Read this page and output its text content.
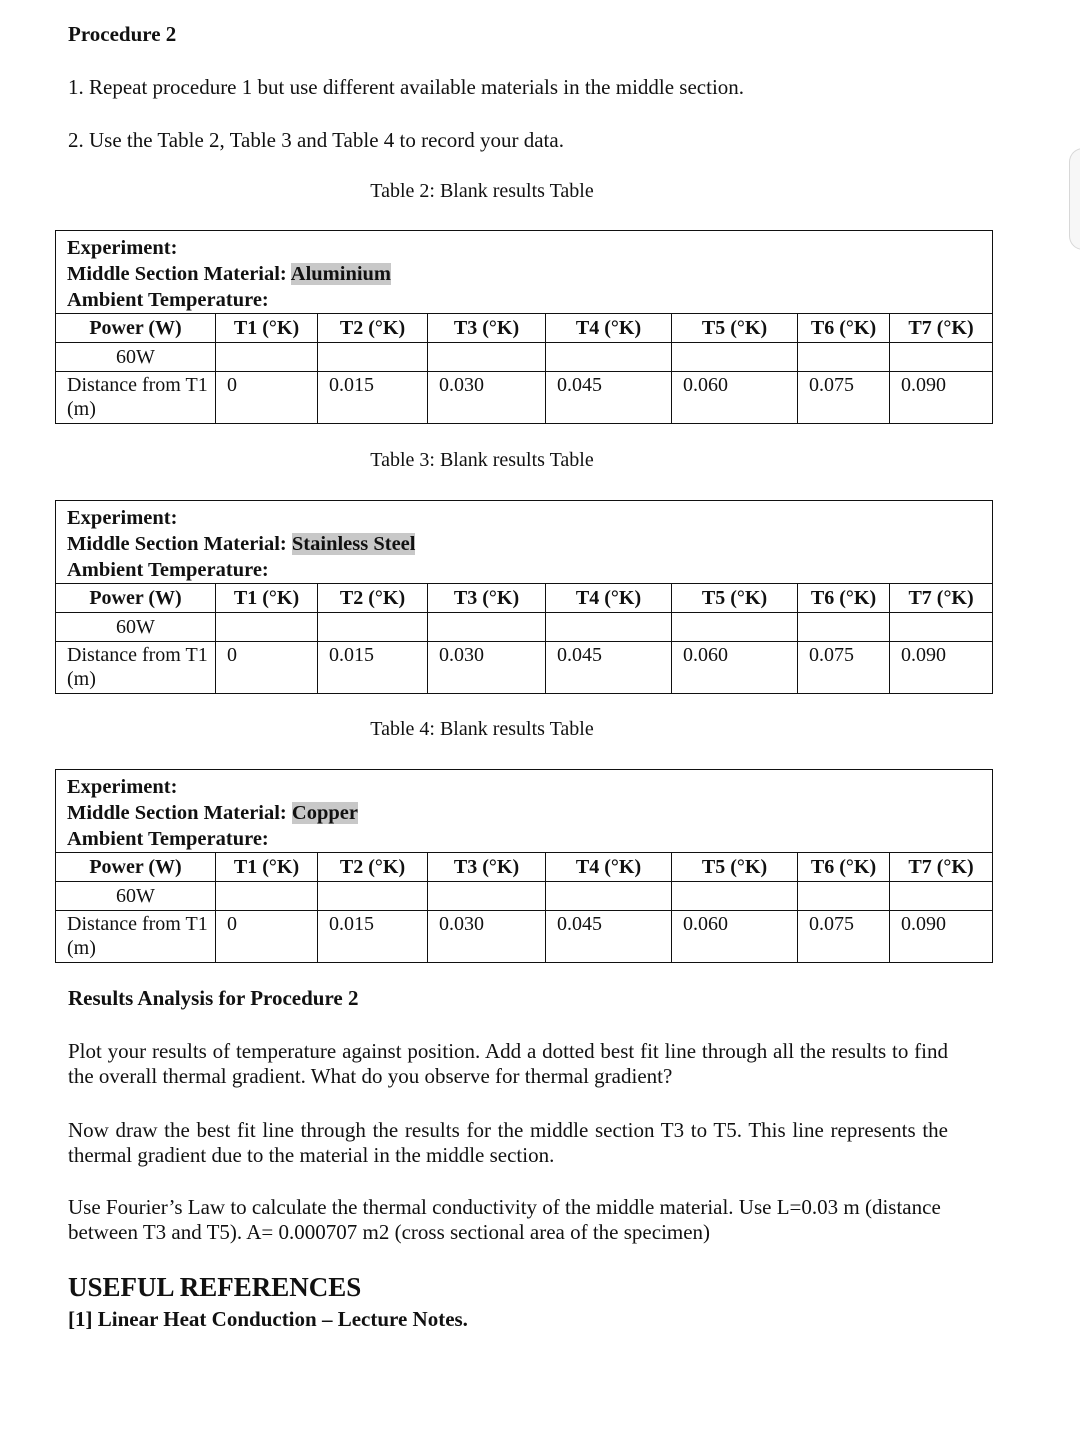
Procedure 2
1. Repeat procedure 1 but use different available materials in the middle section.
2. Use the Table 2, Table 3 and Table 4 to record your data.
Table 2: Blank results Table
Experiment:
Middle Section Material: Aluminium
Ambient Temperature:							

Power (W)	T1 (°K)	T2 (°K)	T3 (°K)	T4 (°K)	T5 (°K)	T6 (°K)	T7 (°K)
60W							
Distance from T1 (m)	0	0.015	0.030	0.045	0.060	0.075	0.090
Table 3: Blank results Table
Experiment:
Middle Section Material: Stainless Steel
Ambient Temperature:							

Power (W)	T1 (°K)	T2 (°K)	T3 (°K)	T4 (°K)	T5 (°K)	T6 (°K)	T7 (°K)
60W							
Distance from T1 (m)	0	0.015	0.030	0.045	0.060	0.075	0.090
Table 4: Blank results Table
Experiment:
Middle Section Material: Copper
Ambient Temperature:							

Power (W)	T1 (°K)	T2 (°K)	T3 (°K)	T4 (°K)	T5 (°K)	T6 (°K)	T7 (°K)
60W							
Distance from T1 (m)	0	0.015	0.030	0.045	0.060	0.075	0.090
Results Analysis for Procedure 2
Plot your results of temperature against position. Add a dotted best fit line through all the results to find the overall thermal gradient. What do you observe for thermal gradient?
Now draw the best fit line through the results for the middle section T3 to T5. This line represents the thermal gradient due to the material in the middle section.
Use Fourier’s Law to calculate the thermal conductivity of the middle material. Use L=0.03 m (distance between T3 and T5). A= 0.000707 m2 (cross sectional area of the specimen)
USEFUL REFERENCES
[1] Linear Heat Conduction – Lecture Notes.
